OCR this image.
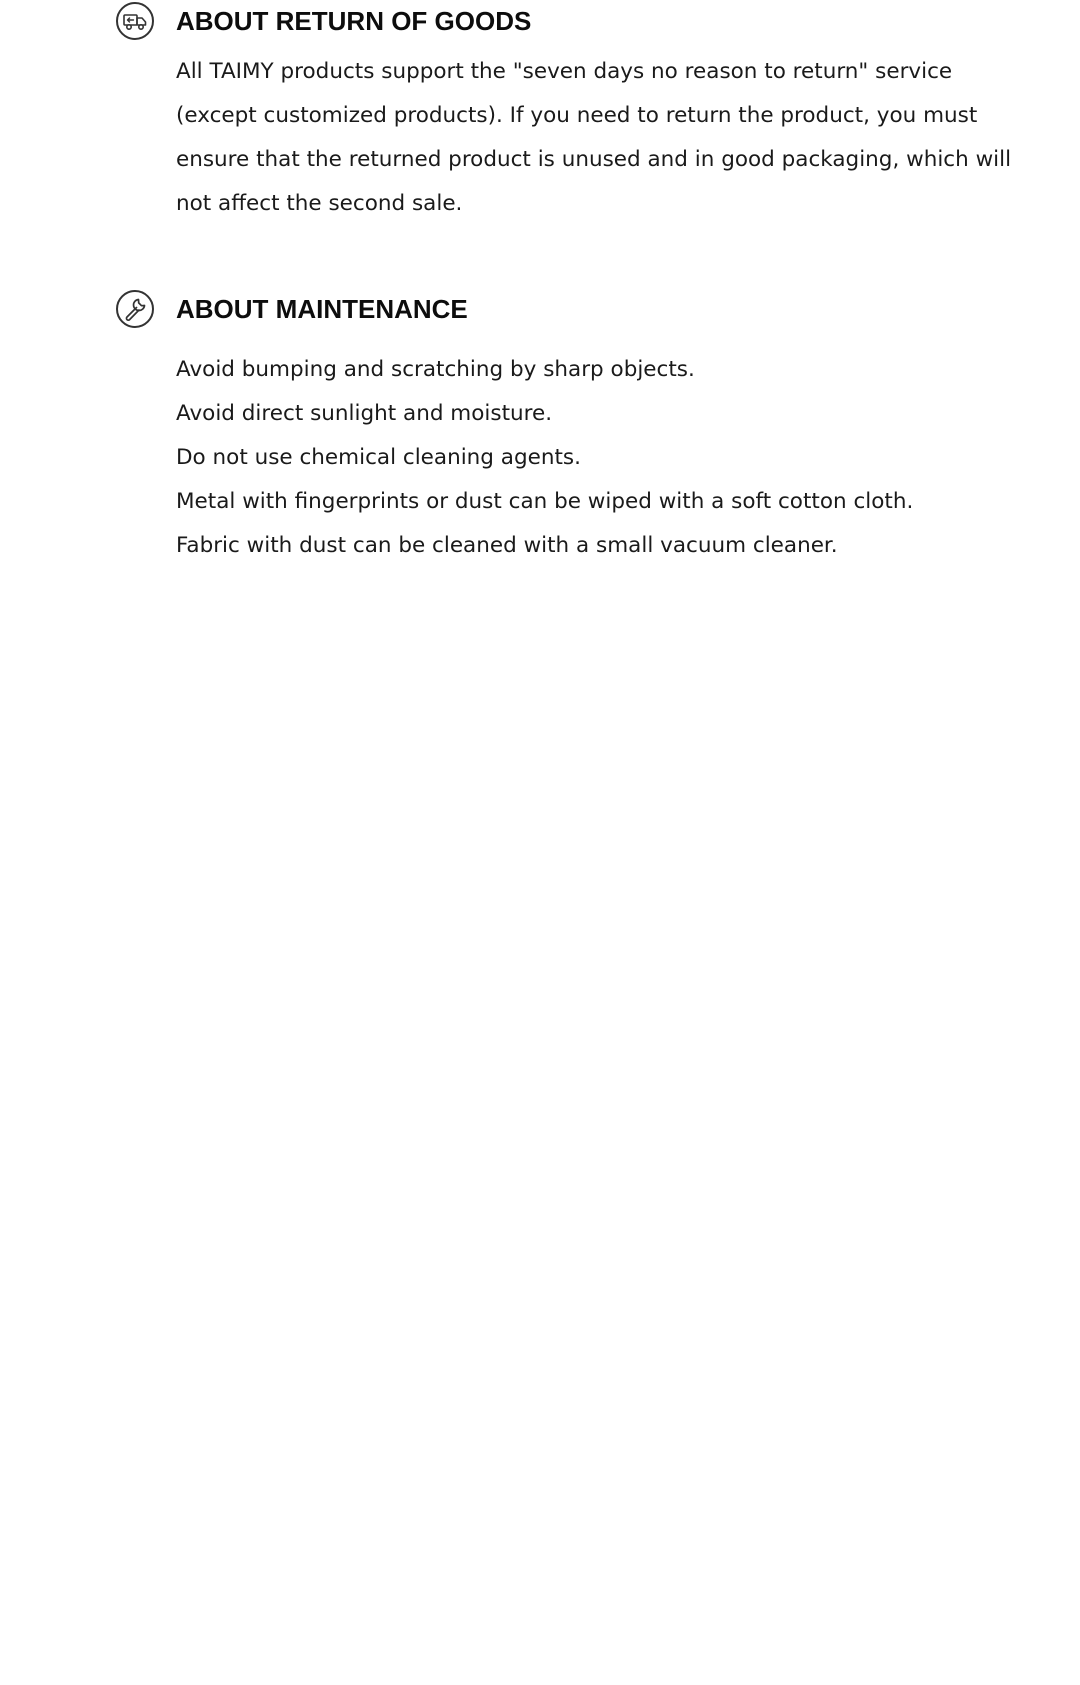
ABOUT RETURN OF GOODS

All TAIMY products support the "seven days no reason to return" service (except customized products). If you need to return the product, you must ensure that the returned product is unused and in good packaging, which will not affect the second sale.

ABOUT MAINTENANCE
Avoid bumping and scratching by sharp objects.
Avoid direct sunlight and moisture.
Do not use chemical cleaning agents.
Metal with fingerprints or dust can be wiped with a soft cotton cloth.
Fabric with dust can be cleaned with a small vacuum cleaner.
